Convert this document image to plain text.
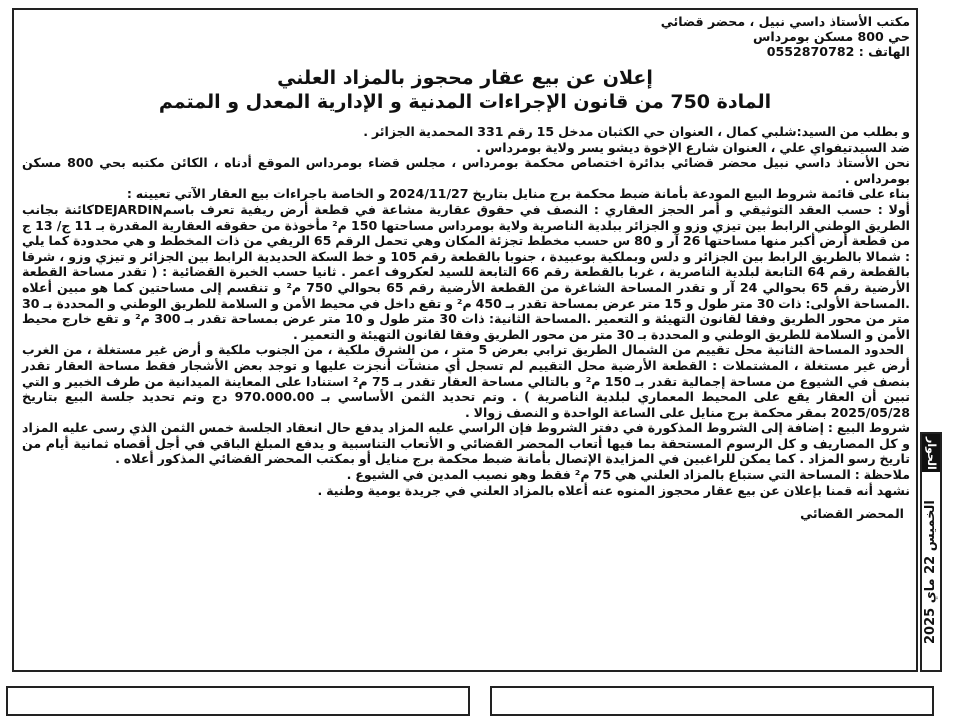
مكتب الأستاذ داسي نبيل ، محضر قضائي
حي 800 مسكن بومرداس
الهاتف : 0552870782
إعلان عن بيع عقار محجوز بالمزاد العلني
المادة 750 من قانون الإجراءات المدنية و الإدارية المعدل و المتمم

و بطلب من السيد:شلبي كمال ، العنوان حي الكثبان مدخل 15 رقم 331 المحمدية الجزائر .

ضد السيدتيفواي علي ، العنوان شارع الإخوة ديشو يسر ولاية بومرداس .

نحن الأستاذ داسي نبيل محضر قضائي بدائرة اختصاص محكمة بومرداس ، مجلس قضاء بومرداس الموقع أدناه ، الكائن مكتبه بحي 800 مسكن بومرداس .

بناء على قائمة شروط البيع المودعة بأمانة ضبط محكمة برج منايل بتاريخ 2024/11/27 و الخاصة باجراءات بيع العقار الآتي تعيينه :

أولا : حسب العقد التوثيقي و أمر الحجز العقاري : النصف في حقوق عقارية مشاعة في قطعة أرض ريفية تعرف باسمDEJARDINكائنة بجانب الطريق الوطني الرابط بين تيزي وزو و الجزائر ببلدية الناصرية ولاية بومرداس مساحتها 150 م² مأخوذة من حقوقه العقارية المقدرة بـ 11 ج/ 13 ج من قطعة أرض أكبر منها مساحتها 26 آر و 80 س حسب مخطط تجزئة المكان وهي تحمل الرقم 65 الريفي من ذات المخطط و هي محدودة كما يلي : شمالا بالطريق الرابط بين الجزائر و دلس وبملكية بوعبيدة ، جنوبا بالقطعة رقم 105 و خط السكة الحديدية الرابط بين الجزائر و تيزي وزو ، شرقا بالقطعة رقم 64 التابعة لبلدية الناصرية ، غربا بالقطعة رقم 66 التابعة للسيد لعكروف اعمر . ثانيا حسب الخبرة القضائية : ( تقدر مساحة القطعة الأرضية رقم 65 بحوالي 24 آر و تقدر المساحة الشاغرة من القطعة الأرضية رقم 65 بحوالي 750 م² و تنقسم إلى مساحتين كما هو مبين أعلاه .المساحة الأولى: ذات 30 متر طول و 15 متر عرض بمساحة تقدر بـ 450 م² و تقع داخل في محيط الأمن و السلامة للطريق الوطني و المحددة بـ 30 متر من محور الطريق وفقا لقانون التهيئة و التعمير .المساحة الثانية: ذات 30 متر طول و 10 متر عرض بمساحة تقدر بـ 300 م² و تقع خارج محيط الأمن و السلامة للطريق الوطني و المحددة بـ 30 متر من محور الطريق وفقا لقانون التهيئة و التعمير .

الحدود المساحة الثانية محل تقييم من الشمال الطريق ترابي بعرض 5 متر ، من الشرق ملكية ، من الجنوب ملكية و أرض غير مستغلة ، من الغرب أرض غير مستغلة ، المشتملات : القطعة الأرضية محل التقييم لم تسجل أي منشآت أنجزت عليها و توجد بعض الأشجار فقط مساحة العقار تقدر بنصف في الشيوع من مساحة إجمالية تقدر بـ 150 م² و بالتالي مساحة العقار تقدر بـ 75 م² استنادا على المعاينة الميدانية من طرف الخبير و التي تبين أن العقار يقع على المحيط المعماري لبلدية الناصرية ) . وتم تحديد الثمن الأساسي بـ 970.000.00 دج وتم تحديد جلسة البيع بتاريخ 2025/05/28 بمقر محكمة برج منايل على الساعة الواحدة و النصف زوالا .

شروط البيع : إضافة إلى الشروط المذكورة في دفتر الشروط فإن الراسي عليه المزاد يدفع حال انعقاد الجلسة خمس الثمن الذي رسى عليه المزاد و كل المصاريف و كل الرسوم المستحقة بما فيها أتعاب المحضر القضائي و الأتعاب التناسبية و يدفع المبلغ الباقي في أجل أقصاه ثمانية أيام من تاريخ رسو المزاد . كما يمكن للراغبين في المزايدة الإتصال بأمانة ضبط محكمة برج منايل أو بمكتب المحضر القضائي المذكور أعلاه .

ملاحظة : المساحة التي ستباع بالمزاد العلني هي 75 م² فقط وهو نصيب المدين في الشيوع .

نشهد أنه قمنا بإعلان عن بيع عقار محجوز المنوه عنه أعلاه بالمزاد العلني في جريدة يومية وطنية .

المحضر القضائي
الحوار
الخميس 22 ماي 2025
